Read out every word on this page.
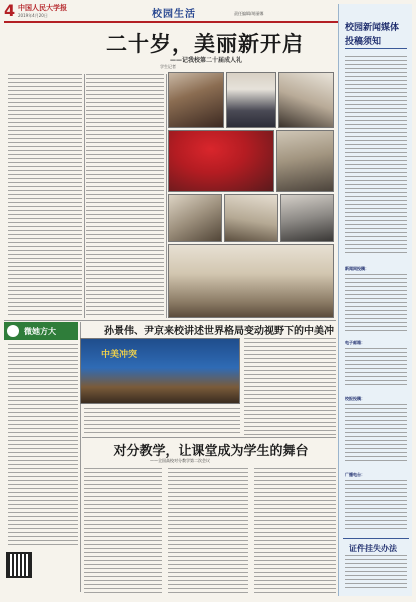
4 中国人民大学报
2019年4月20日	校园生活	责任编辑/胡丽娜
二十岁，美丽新开启
——记我校第二十届成人礼
学生记者
微她方大	孙景伟、尹京来校讲述世界格局变动视野下的中美冲
中美冲突
对分教学，让课堂成为学生的舞台
——全国高校对分教学第二次会议
校园新闻媒体
投稿须知
新闻网投稿：
电子邮箱：
校报投稿：
广播电台：
证件挂失办法
